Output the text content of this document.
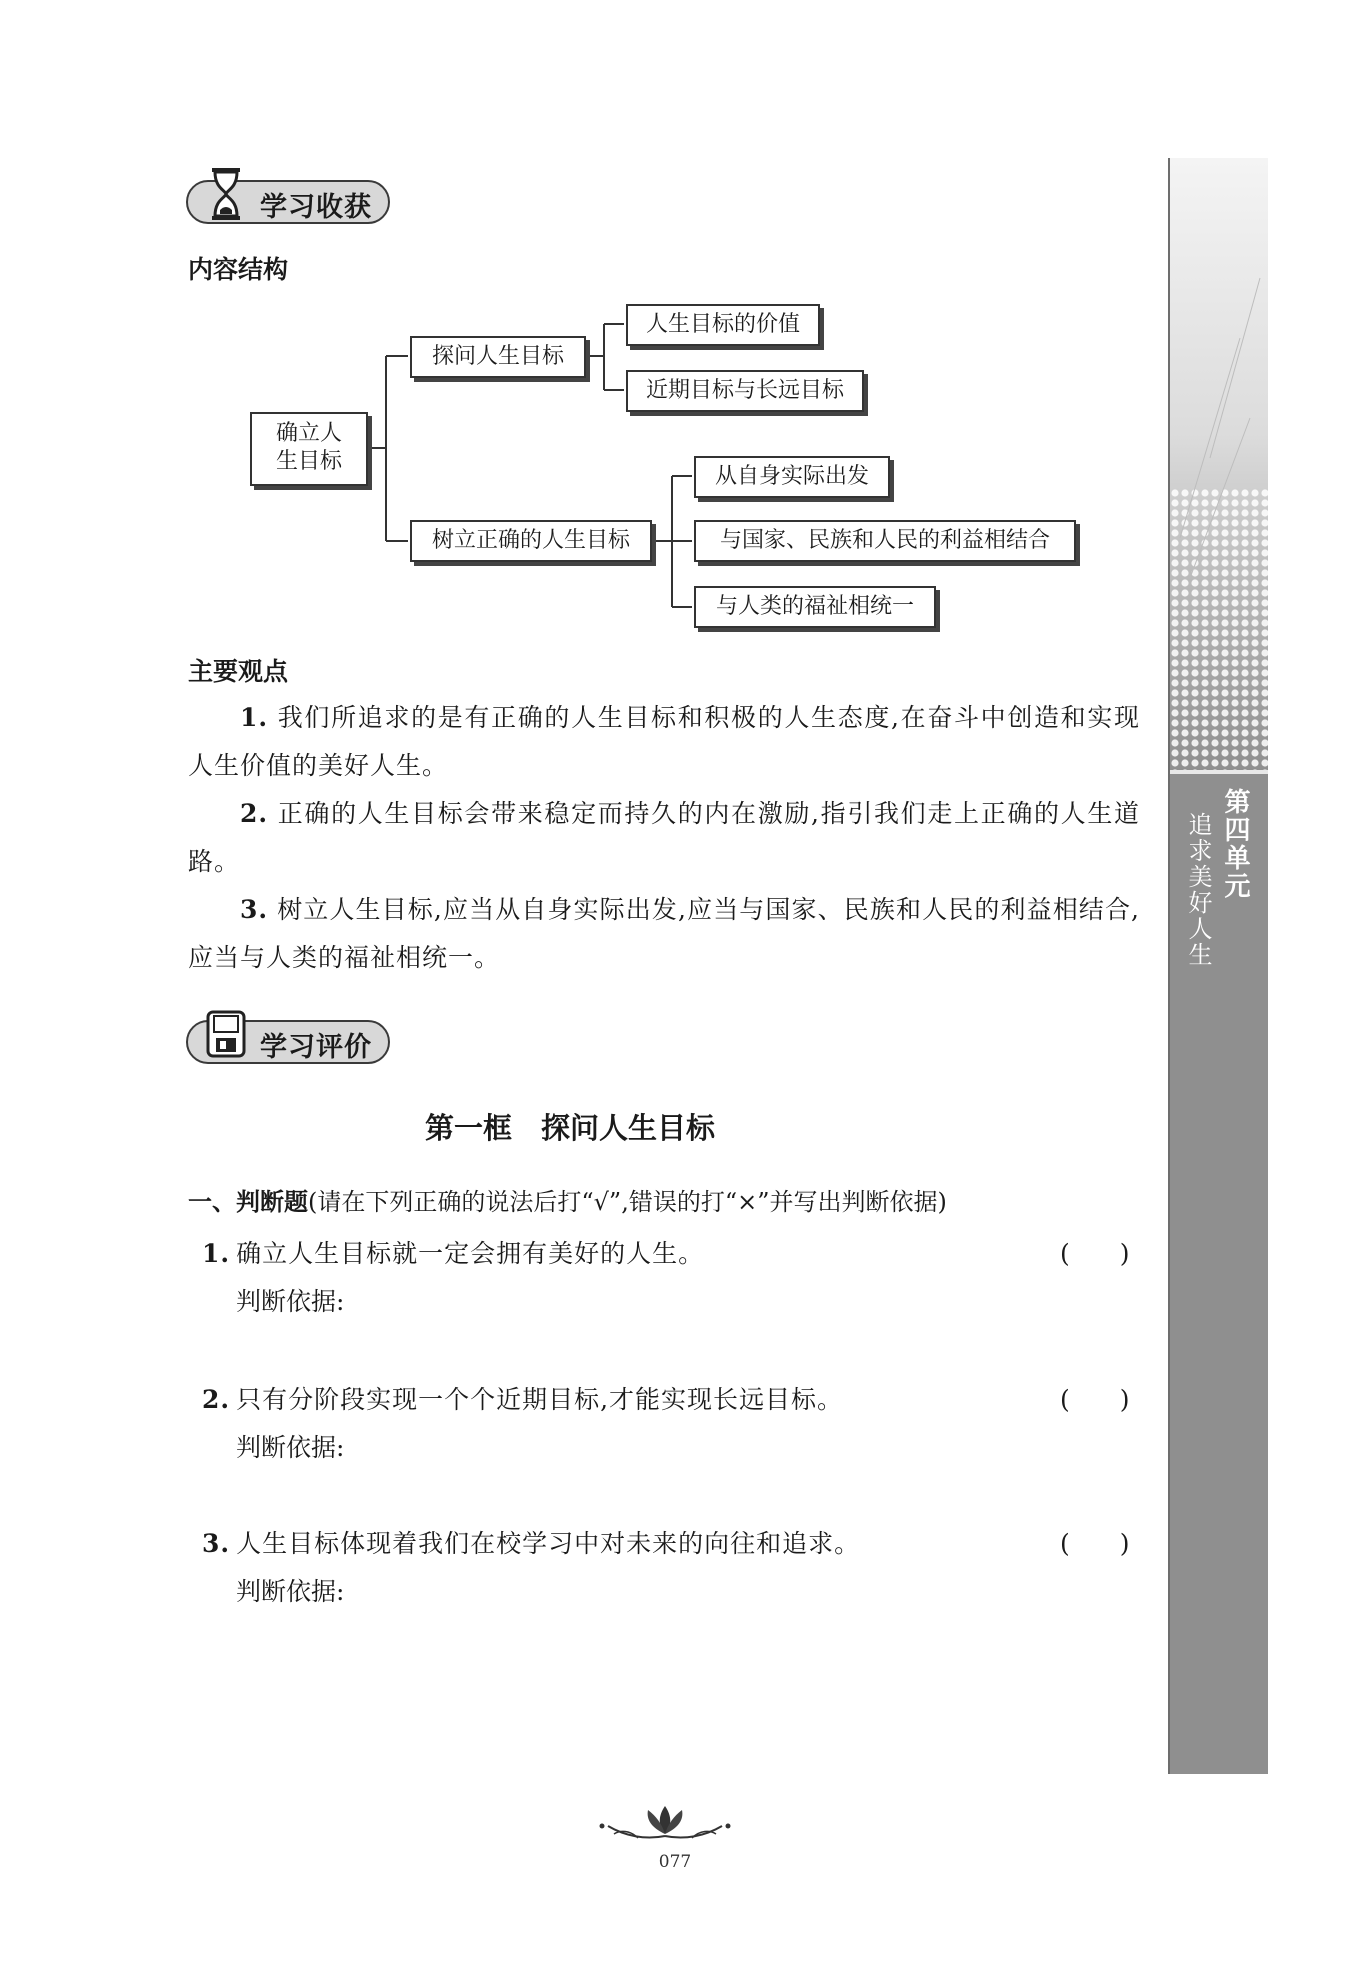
学习收获
内容结构
确立人生目标
探问人生目标
树立正确的人生目标
人生目标的价值
近期目标与长远目标
从自身实际出发
与国家、民族和人民的利益相结合
与人类的福祉相统一
主要观点
1. 我们所追求的是有正确的人生目标和积极的人生态度,在奋斗中创造和实现人生价值的美好人生。
2. 正确的人生目标会带来稳定而持久的内在激励,指引我们走上正确的人生道路。
3. 树立人生目标,应当从自身实际出发,应当与国家、民族和人民的利益相结合,应当与人类的福祉相统一。
学习评价
第一框　探问人生目标
一、判断题(请在下列正确的说法后打“√”,错误的打“×”并写出判断依据)
1. 确立人生目标就一定会拥有美好的人生。	(　　)
判断依据:
2. 只有分阶段实现一个个近期目标,才能实现长远目标。	(　　)
判断依据:
3. 人生目标体现着我们在校学习中对未来的向往和追求。	(　　)
判断依据:
第四单元
追求美好人生
077
